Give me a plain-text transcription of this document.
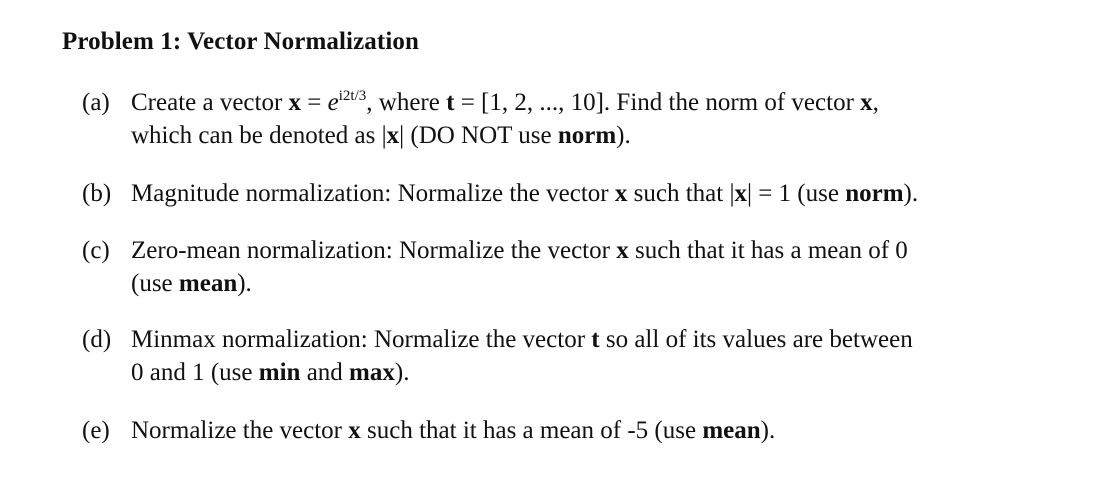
Problem 1: Vector Normalization
(a) Create a vector $x = e^{i2t/3}$, where t = [1, 2, ..., 10]. Find the norm of vector x,
which can be denoted as |x| (DO NOT use norm).
(b) Magnitude normalization: Normalize the vector x such that |x| = 1 (use norm).
(c) Zero-mean normalization: Normalize the vector x such that it has a mean of 0
(use mean).
(d) Minmax normalization: Normalize the vector t so all of its values are between
0 and 1 (use min and max).
(e) Normalize the vector x such that it has a mean of -5 (use mean).
